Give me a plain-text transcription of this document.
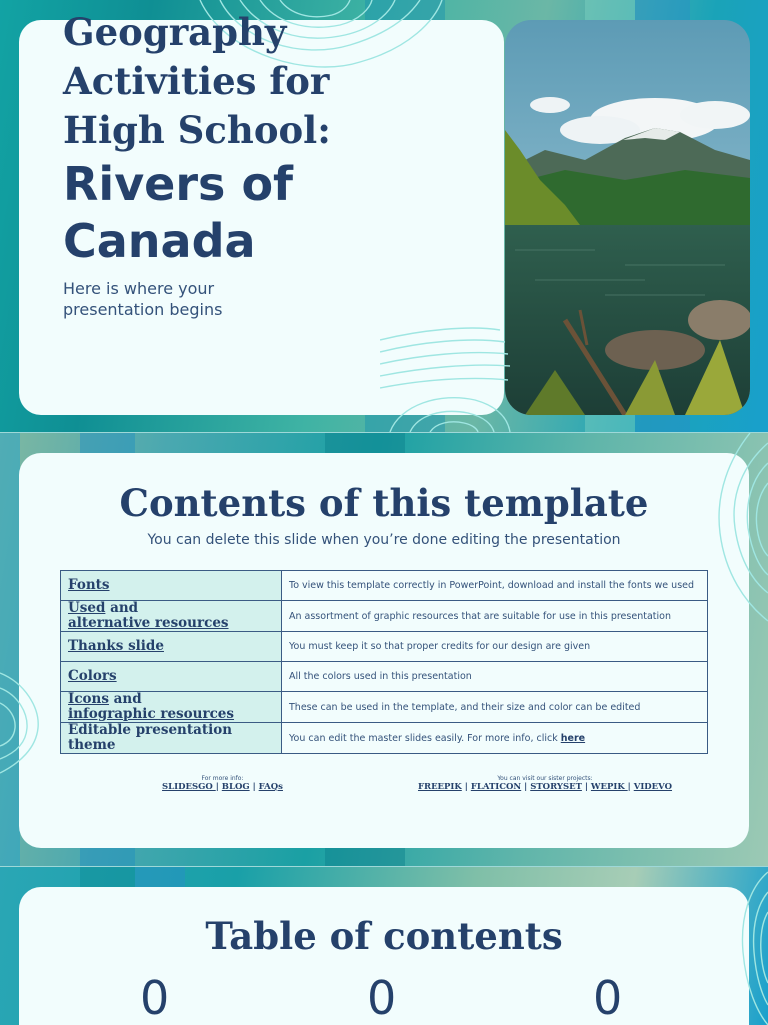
Geography
Activities for
High School:
Rivers of
Canada

Here is where your presentation begins

Contents of this template

You can delete this slide when you’re done editing the presentation

Fonts	To view this template correctly in PowerPoint, download and install the fonts we used
Used and
alternative resources	An assortment of graphic resources that are suitable for use in this presentation
Thanks slide	You must keep it so that proper credits for our design are given
Colors	All the colors used in this presentation
Icons and
infographic resources	These can be used in the template, and their size and color can be edited
Editable presentation theme	You can edit the master slides easily. For more info, click here
For more info:
SLIDESGO | BLOG | FAQs
You can visit our sister projects:
FREEPIK | FLATICON | STORYSET | WEPIK | VIDEVO
Table of contents
0	0	0
